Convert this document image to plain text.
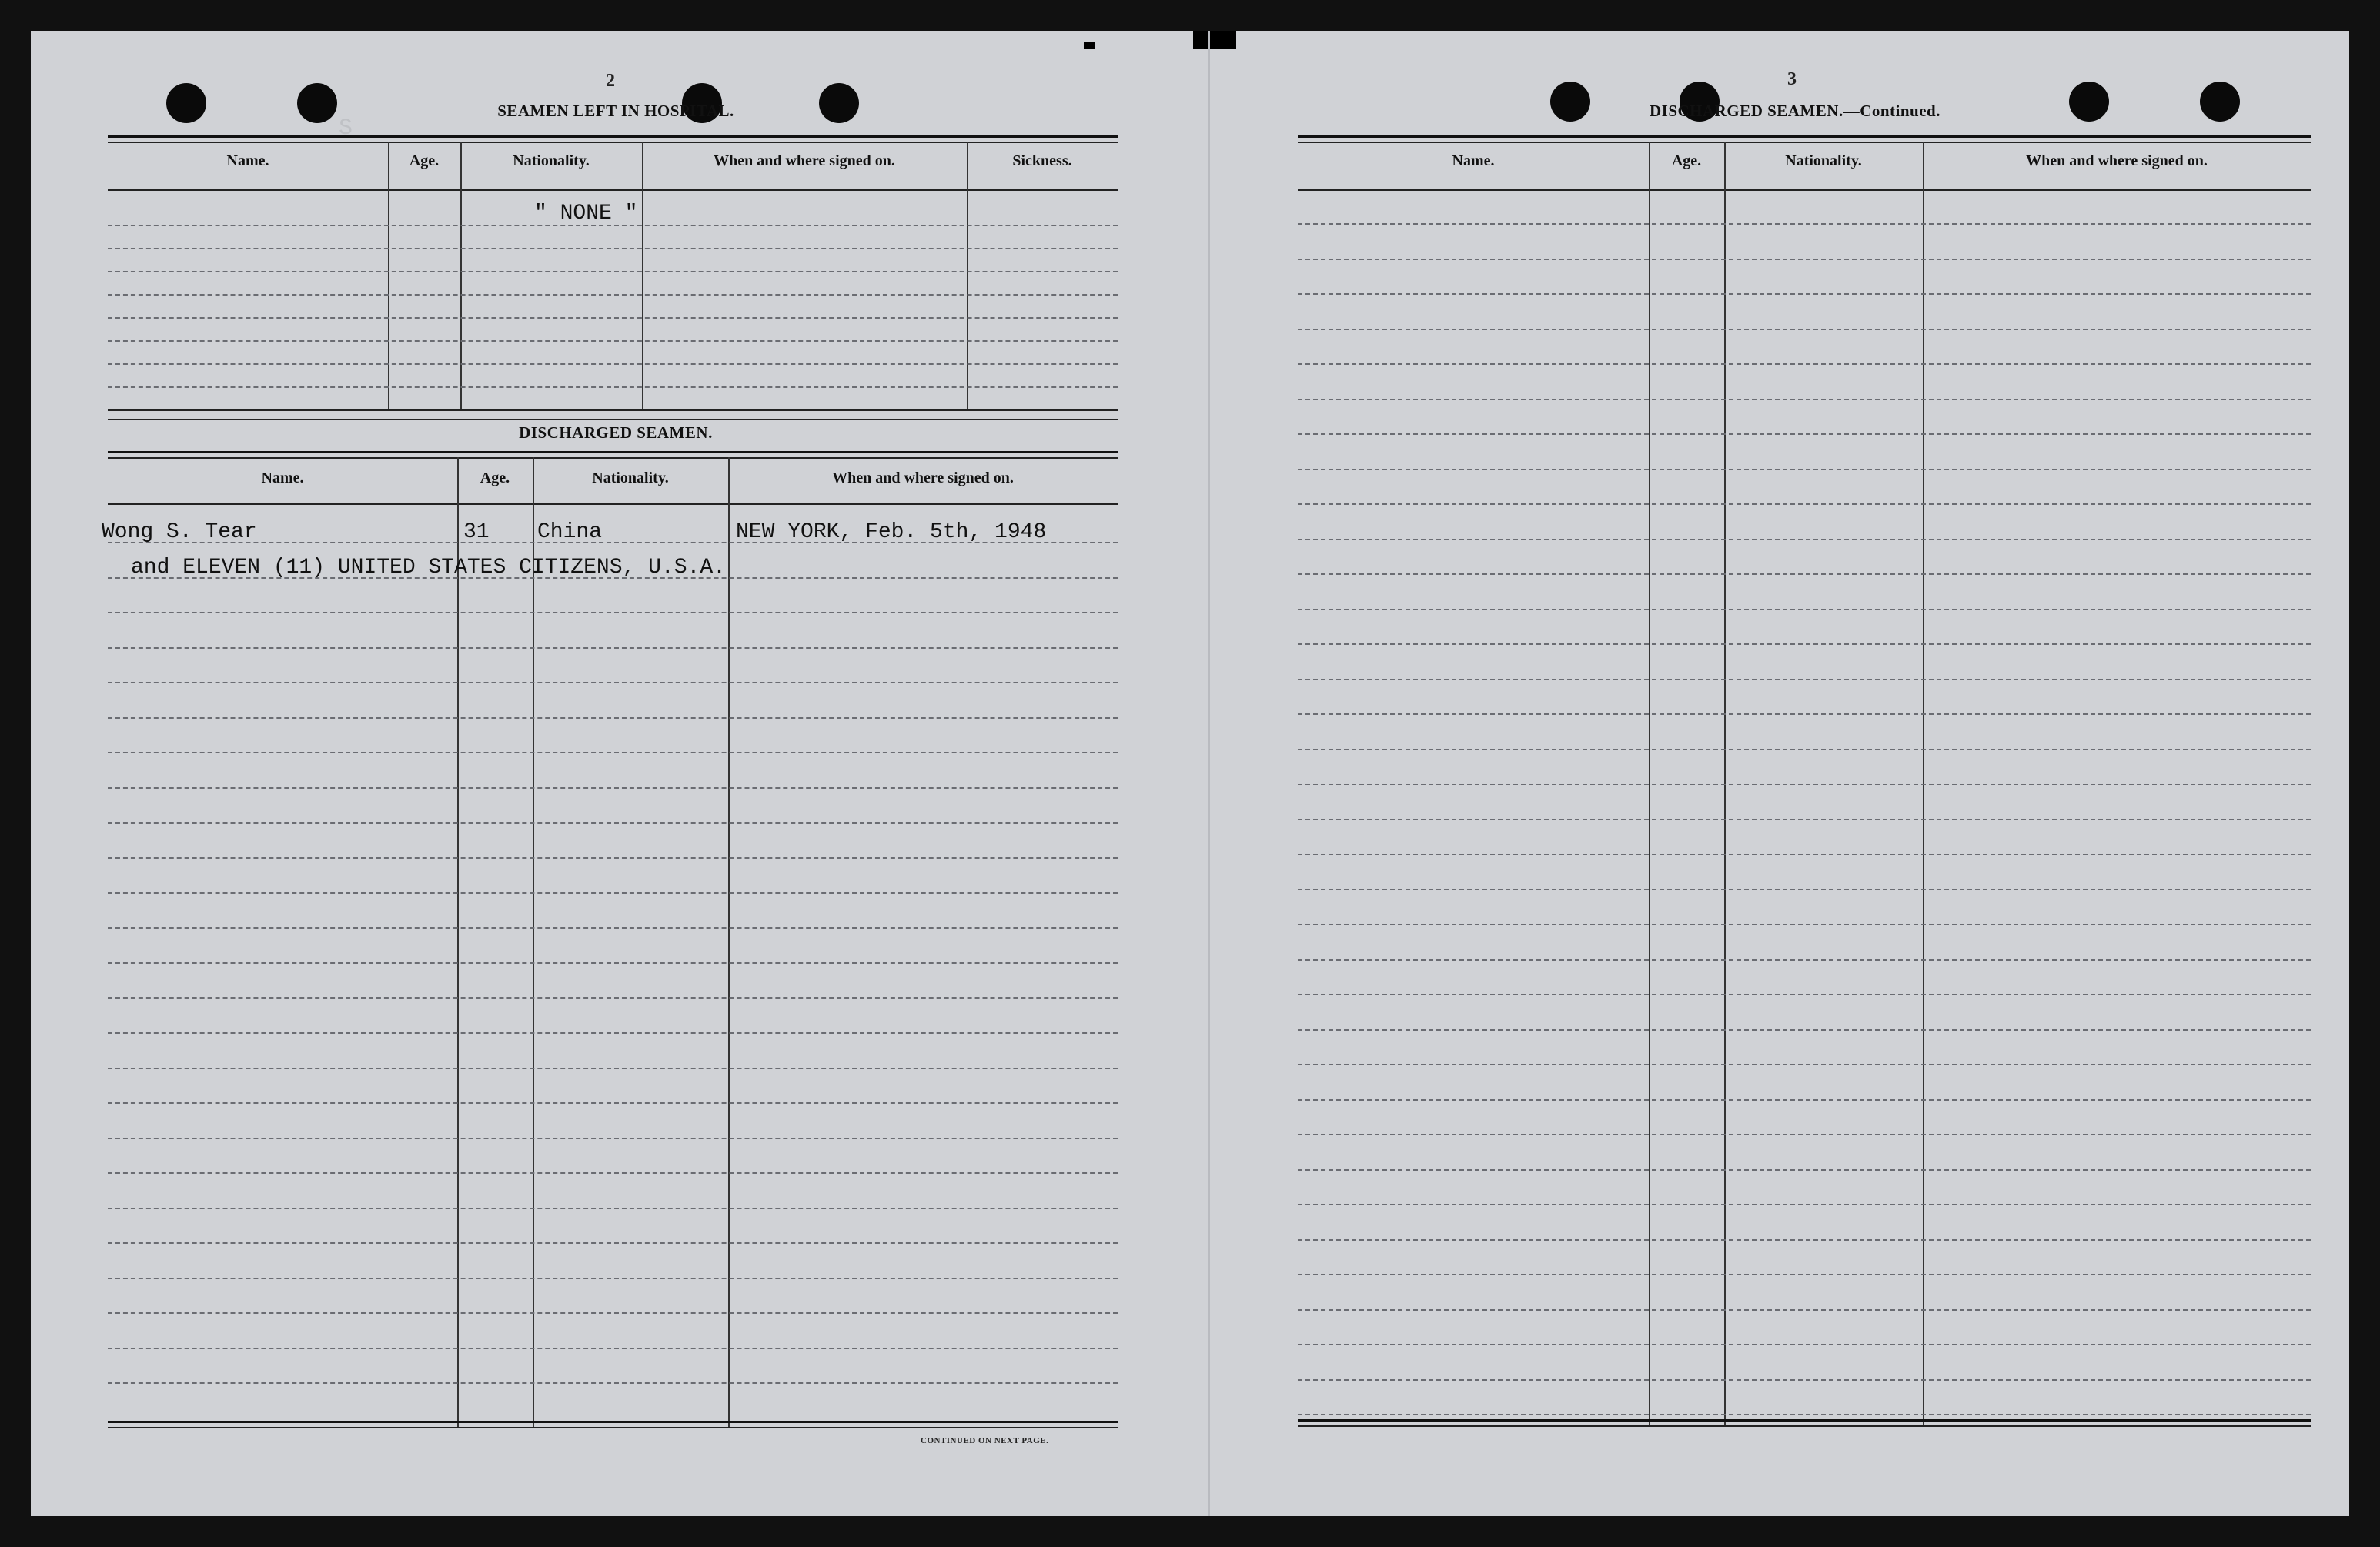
2
SEAMEN LEFT IN HOSPITAL.
Name.	Age.	Nationality.	When and where signed on.	Sickness.
" NONE "
S
DISCHARGED SEAMEN.
Name.	Age.	Nationality.	When and where signed on.
Wong S. Tear	31 China	NEW YORK, Feb. 5th, 1948
and ELEVEN (11) UNITED STATES CITIZENS, U.S.A.
CONTINUED ON NEXT PAGE.
3
DISCHARGED SEAMEN.—Continued.
Name.	Age.	Nationality.	When and where signed on.
